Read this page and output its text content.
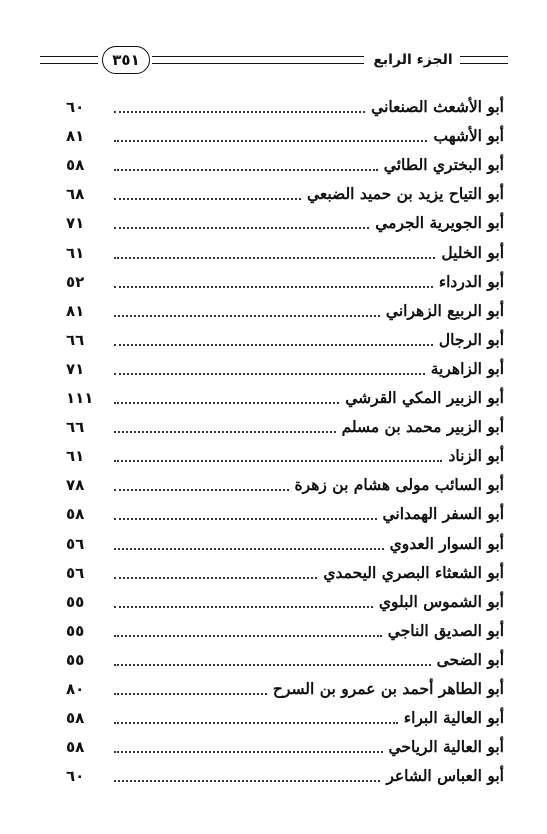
٣٥١	الجزء الرابع
أبو الأشعث الصنعاني
٦٠
أبو الأشهب
٨١
أبو البختري الطائي
٥٨
أبو التياح يزيد بن حميد الضبعي
٦٨
أبو الجويرية الجرمي
٧١
أبو الخليل
٦١
أبو الدرداء
٥٢
أبو الربيع الزهراني
٨١
أبو الرجال
٦٦
أبو الزاهرية
٧١
أبو الزبير المكي القرشي
١١١
أبو الزبير محمد بن مسلم
٦٦
أبو الزناد
٦١
أبو السائب مولى هشام بن زهرة
٧٨
أبو السفر الهمداني
٥٨
أبو السوار العدوي
٥٦
أبو الشعثاء البصري اليحمدي
٥٦
أبو الشموس البلوي
٥٥
أبو الصديق الناجي
٥٥
أبو الضحى
٥٥
أبو الطاهر أحمد بن عمرو بن السرح
٨٠
أبو العالية البراء
٥٨
أبو العالية الرياحي
٥٨
أبو العباس الشاعر
٦٠
